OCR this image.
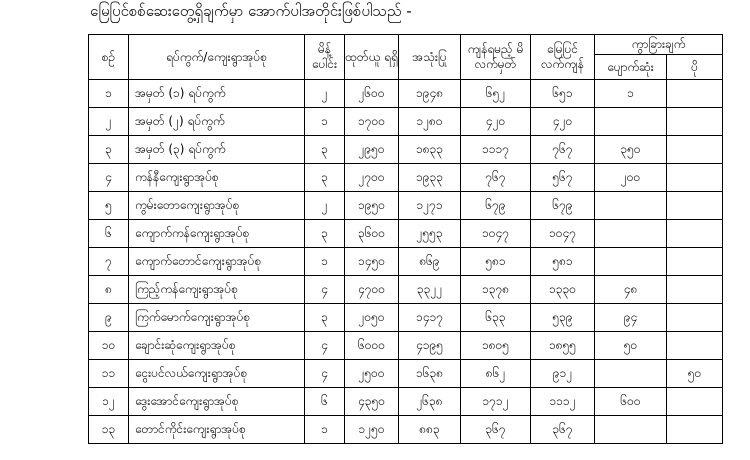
မြေပြင်စစ်ဆေးတွေ့ရှိချက်မှာ အောက်ပါအတိုင်းဖြစ်ပါသည် -
စဉ်	ရပ်ကွက်/ကျေးရွာအုပ်စု	မိန့် ပေါင်း	ထုတ်ယူ ရရှိ	အသုံးပြု	ကျန်ရမည့် မိလက်မှတ်	မြေပြင် လက်ကျန်	ကွာခြားချက်	
							ပျောက်ဆုံး	ပို
၁	အမှတ် (၁) ရပ်ကွက်	၂	၂၆၀၀	၁၉၄၈	၆၅၂	၆၅၁	၁	
၂	အမှတ် (၂) ရပ်ကွက်	၁	၁၇၀၀	၁၂၈၀	၄၂၀	၄၂၀		
၃	အမှတ် (၃) ရပ်ကွက်	၃	၂၉၅၀	၁၈၃၃	၁၁၁၇	၇၆၇	၃၅၀	
၄	ကန်နီကျေးရွာအုပ်စု	၃	၂၇၀၀	၁၉၃၃	၇၆၇	၅၆၇	၂၀၀	
၅	ကွမ်းတောကျေးရွာအုပ်စု	၂	၁၉၅၀	၁၂၇၁	၆၇၉	၆၇၉		
၆	ကျောက်ကန်ကျေးရွာအုပ်စု	၃	၃၆၀၀	၂၅၅၃	၁၀၄၇	၁၀၄၇		
၇	ကျောက်တောင်ကျေးရွာအုပ်စု	၁	၁၄၅၀	၈၆၉	၅၈၁	၅၈၁		
၈	ကြည့်ကန်ကျေးရွာအုပ်စု	၄	၄၇၀၀	၃၃၂၂	၁၃၇၈	၁၃၃၀	၄၈	
၉	ကြက်မောက်ကျေးရွာအုပ်စု	၃	၂၀၅၀	၁၄၁၇	၆၃၃	၅၃၉	၉၄	
၁၀	ချောင်းဆုံကျေးရွာအုပ်စု	၄	၆၀၀၀	၄၁၉၅	၁၈၀၅	၁၈၅၅	၅၀	
၁၁	ငွေးပင်လယ်ကျေးရွာအုပ်စု	၄	၂၅၀၀	၁၆၃၈	၈၆၂	၉၁၂		၅၀
၁၂	ဒွေးအောင်ကျေးရွာအုပ်စု	၆	၄၃၅၀	၂၆၃၈	၁၇၁၂	၁၁၁၂	၆၀၀	
၁၃	တောင်ကိုင်းကျေးရွာအုပ်စု	၁	၁၂၅၀	၈၈၃	၃၆၇	၃၆၇		
